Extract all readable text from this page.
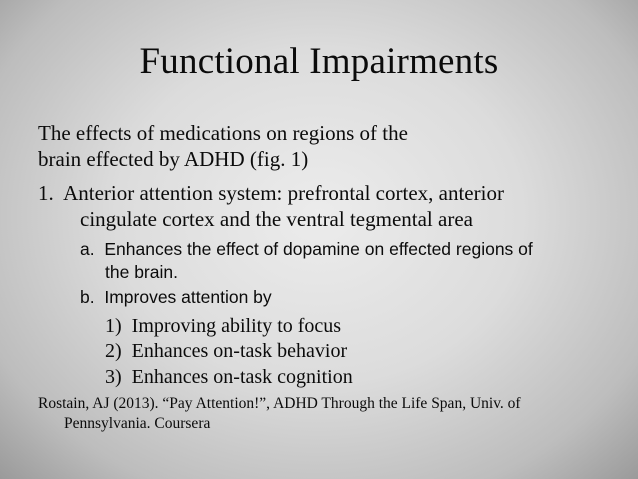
Functional Impairments
The effects of medications on regions of the
brain effected by ADHD (fig. 1)
1. Anterior attention system: prefrontal cortex, anterior
cingulate cortex and the ventral tegmental area
a. Enhances the effect of dopamine on effected regions of
the brain.
b. Improves attention by
1) Improving ability to focus
2) Enhances on-task behavior
3) Enhances on-task cognition
Rostain, AJ (2013). “Pay Attention!”, ADHD Through the Life Span, Univ. of
Pennsylvania. Coursera
